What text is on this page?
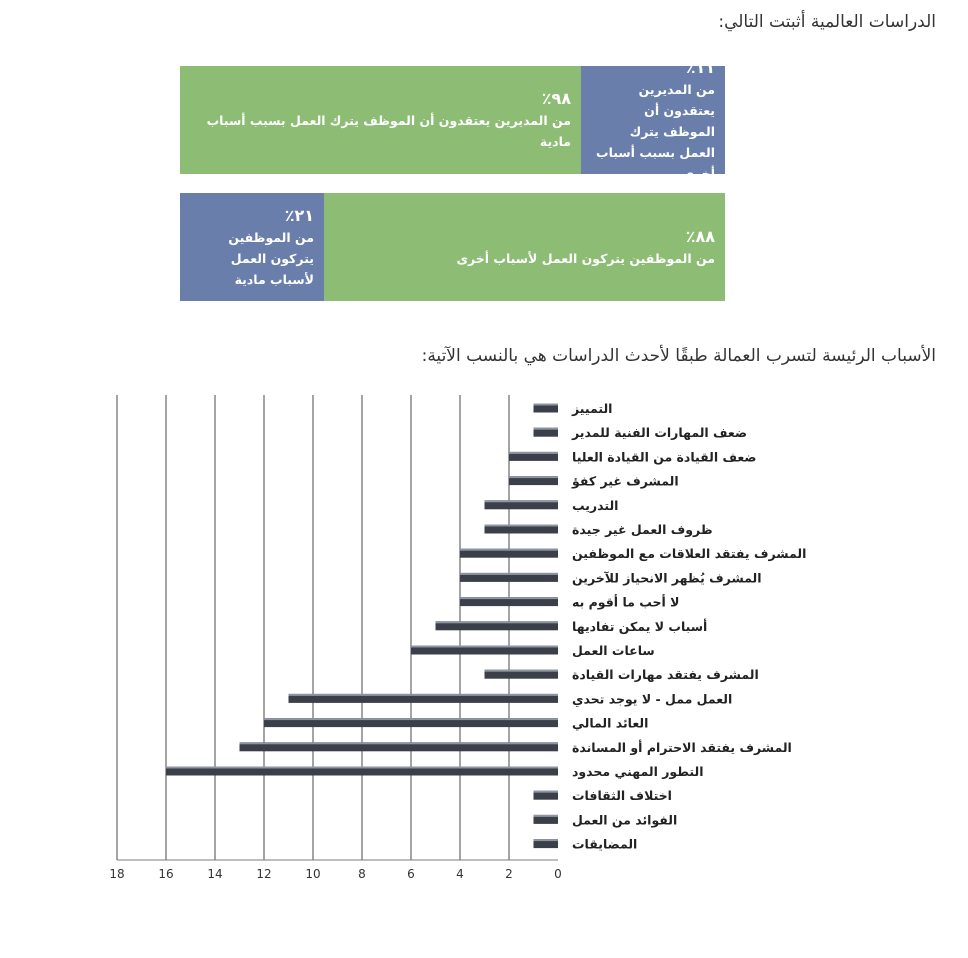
الدراسات العالمية أثبتت التالي:
٩٨٪
من المديرين يعتقدون أن الموظف يترك العمل بسبب أسباب مادية
١١٪
من المديرين يعتقدون أن الموظف يترك العمل بسبب أسباب أخرى
٢١٪
من الموظفين يتركون العمل لأسباب مادية
٨٨٪
من الموظفين يتركون العمل لأسباب أخرى
الأسباب الرئيسة لتسرب العمالة طبقًا لأحدث الدراسات هي بالنسب الآتية:
0
2
4
6
8
10
12
14
16
18
التمييز
ضعف المهارات الفنية للمدير
ضعف القيادة من القيادة العليا
المشرف غير كفؤ
التدريب
ظروف العمل غير جيدة
المشرف يفتقد العلاقات مع الموظفين
المشرف يُظهر الانحياز للآخرين
لا أحب ما أقوم به
أسباب لا يمكن تفاديها
ساعات العمل
المشرف يفتقد مهارات القيادة
العمل ممل - لا يوجد تحدي
العائد المالي
المشرف يفتقد الاحترام أو المساندة
التطور المهني محدود
اختلاف الثقافات
الفوائد من العمل
المضايقات
